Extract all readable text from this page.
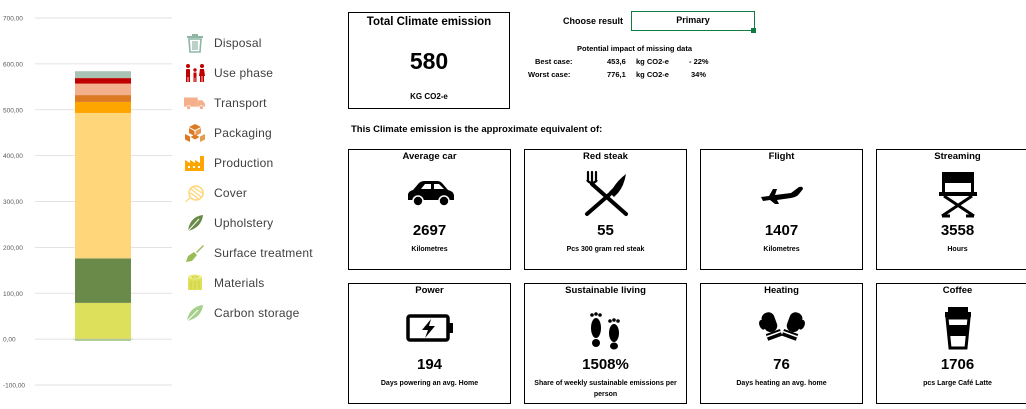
700,00
600,00
500,00
400,00
300,00
200,00
100,00
0,00
-100,00
Disposal
Use phase
Transport
Packaging
Production
Cover
Upholstery
Surface treatment
Materials
Carbon storage
Total Climate emission
580
KG CO2-e
Choose result	Primary
Potential impact of missing data
Best case:	453,6 kg CO2-e	- 22%
Worst case:	776,1 kg CO2-e	34%
This Climate emission is the approximate equivalent of:
Average car
2697
Kilometres
Red steak
55
Pcs 300 gram red steak
Flight
1407
Kilometres
Streaming
3558
Hours
Power
194
Days powering an avg. Home
Sustainable living
1508%
Share of weekly sustainable emissions per person
Heating
76
Days heating an avg. home
Coffee
1706
pcs Large Café Latte
